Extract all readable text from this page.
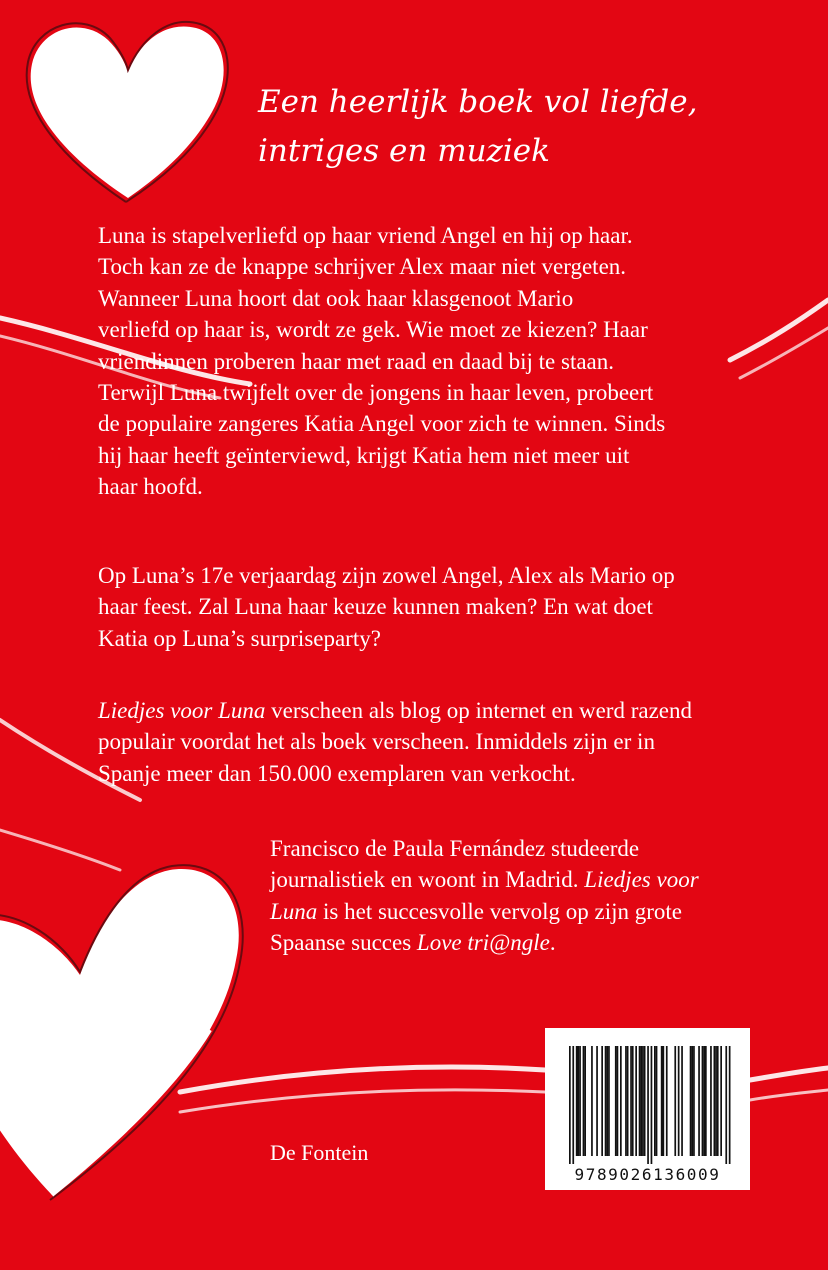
Een heerlijk boek vol liefde,
intriges en muziek
Luna is stapelverliefd op haar vriend Angel en hij op haar.
Toch kan ze de knappe schrijver Alex maar niet vergeten.
Wanneer Luna hoort dat ook haar klasgenoot Mario
verliefd op haar is, wordt ze gek. Wie moet ze kiezen? Haar
vriendinnen proberen haar met raad en daad bij te staan.
Terwijl Luna twijfelt over de jongens in haar leven, probeert
de populaire zangeres Katia Angel voor zich te winnen. Sinds
hij haar heeft geïnterviewd, krijgt Katia hem niet meer uit
haar hoofd.
Op Luna’s 17e verjaardag zijn zowel Angel, Alex als Mario op
haar feest. Zal Luna haar keuze kunnen maken? En wat doet
Katia op Luna’s surpriseparty?
Liedjes voor Luna verscheen als blog op internet en werd razend
populair voordat het als boek verscheen. Inmiddels zijn er in
Spanje meer dan 150.000 exemplaren van verkocht.
Francisco de Paula Fernández studeerde
journalistiek en woont in Madrid. Liedjes voor
Luna is het succesvolle vervolg op zijn grote
Spaanse succes Love tri@ngle.
De Fontein
9789026136009
